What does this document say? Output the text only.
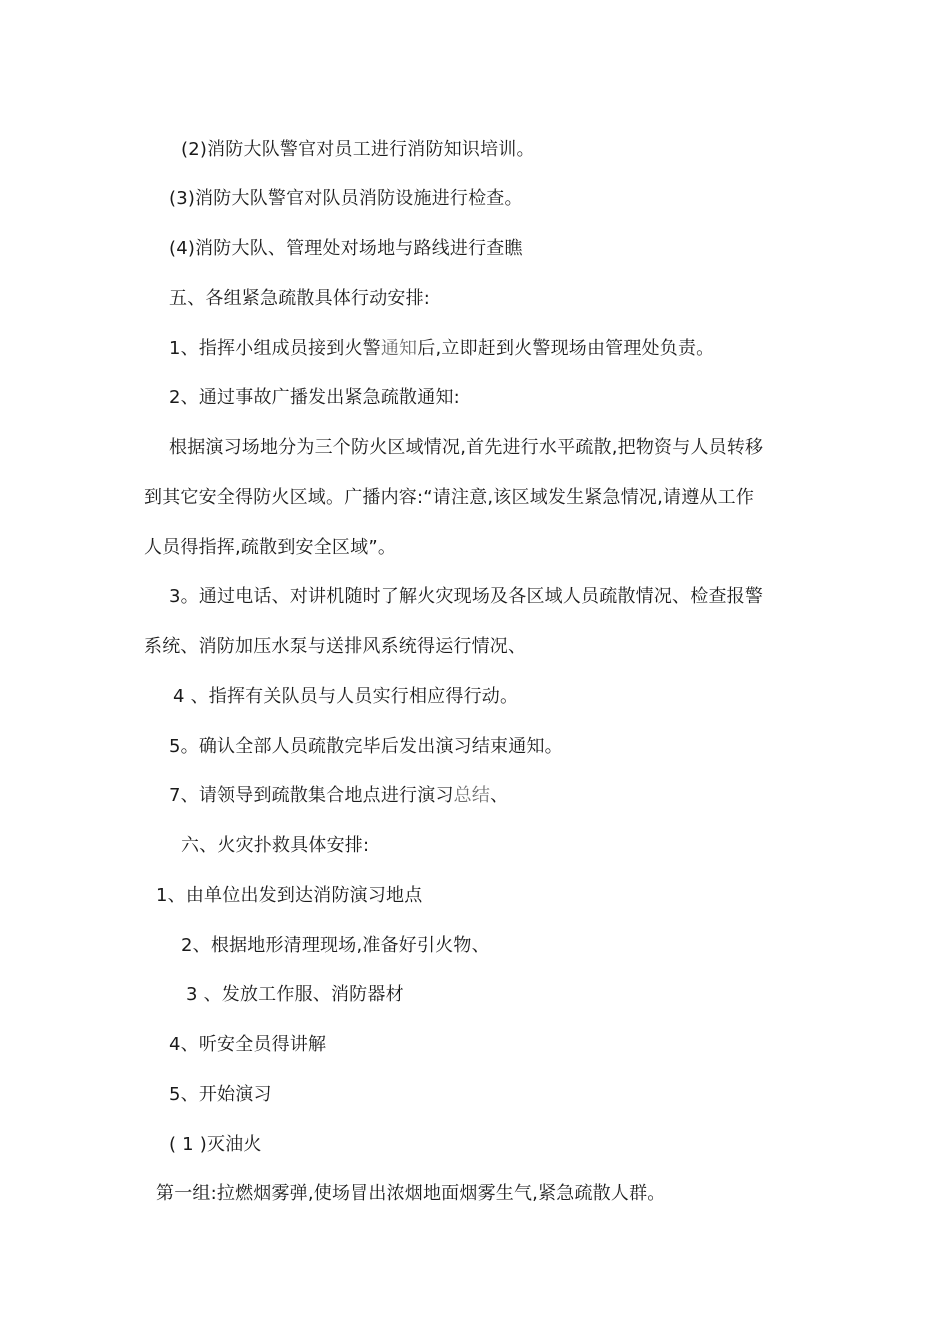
(2)消防大队警官对员工进行消防知识培训。
(3)消防大队警官对队员消防设施进行检查。
(4)消防大队、管理处对场地与路线进行查瞧
五、各组紧急疏散具体行动安排:
1、指挥小组成员接到火警通知后,立即赶到火警现场由管理处负责。
2、通过事故广播发出紧急疏散通知:
根据演习场地分为三个防火区域情况,首先进行水平疏散,把物资与人员转移
到其它安全得防火区域。广播内容:“请注意,该区域发生紧急情况,请遵从工作
人员得指挥,疏散到安全区域”。
3。通过电话、对讲机随时了解火灾现场及各区域人员疏散情况、检查报警
系统、消防加压水泵与送排风系统得运行情况、
4 、指挥有关队员与人员实行相应得行动。
5。确认全部人员疏散完毕后发出演习结束通知。
7、请领导到疏散集合地点进行演习总结、
六、火灾扑救具体安排:
1、由单位出发到达消防演习地点
2、根据地形清理现场,准备好引火物、
3 、发放工作服、消防器材
4、听安全员得讲解
5、开始演习
( 1 )灭油火
第一组:拉燃烟雾弹,使场冒出浓烟地面烟雾生气,紧急疏散人群。
